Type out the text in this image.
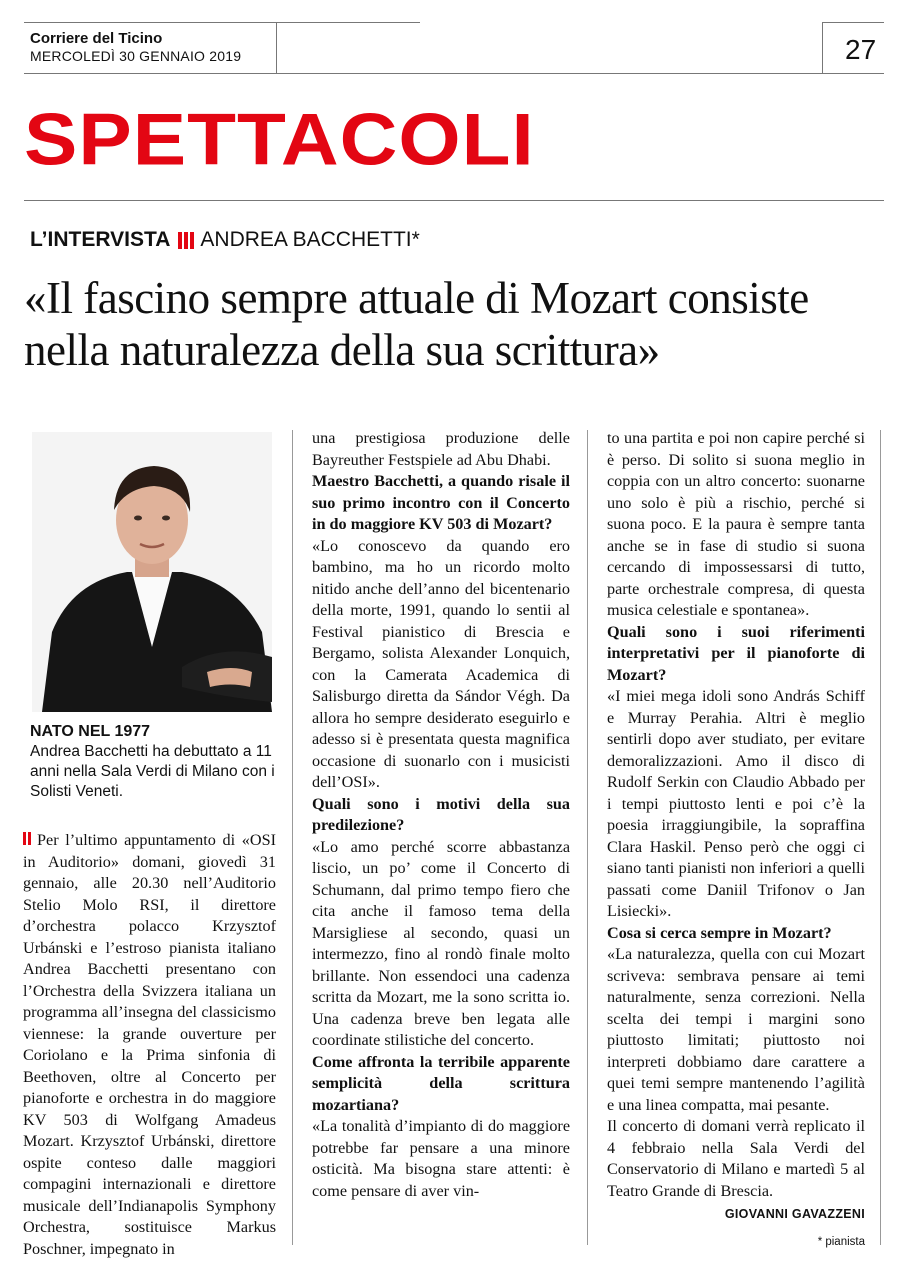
Corriere del Ticino
MERCOLEDÌ 30 GENNAIO 2019	27
SPETTACOLI
L’INTERVISTA ANDREA BACCHETTI*
«Il fascino sempre attuale di Mozart consiste nella naturalezza della sua scrittura»
NATO NEL 1977
Andrea Bacchetti ha debuttato a 11 anni nella Sala Verdi di Milano con i Solisti Veneti.

Per l’ultimo appuntamento di «OSI in Auditorio» domani, giovedì 31 gennaio, alle 20.30 nell’Auditorio Stelio Molo RSI, il direttore d’orchestra polacco Krzysztof Urbánski e l’estroso pianista italiano Andrea Bacchetti presentano con l’Orchestra della Svizzera italiana un programma all’insegna del classicismo viennese: la grande ouverture per Coriolano e la Prima sinfonia di Beethoven, oltre al Concerto per pianoforte e orchestra in do maggiore KV 503 di Wolfgang Amadeus Mozart. Krzysztof Urbánski, direttore ospite conteso dalle maggiori compagini internazionali e direttore musicale dell’Indianapolis Symphony Orchestra, sostituisce Markus Poschner, impegnato in

una prestigiosa produzione delle Bayreuther Festspiele ad Abu Dhabi.

Maestro Bacchetti, a quando risale il suo primo incontro con il Concerto in do maggiore KV 503 di Mozart?

«Lo conoscevo da quando ero bambino, ma ho un ricordo molto nitido anche dell’anno del bicentenario della morte, 1991, quando lo sentii al Festival pianistico di Brescia e Bergamo, solista Alexander Lonquich, con la Camerata Academica di Salisburgo diretta da Sándor Végh. Da allora ho sempre desiderato eseguirlo e adesso si è presentata questa magnifica occasione di suonarlo con i musicisti dell’OSI».

Quali sono i motivi della sua predilezione?

«Lo amo perché scorre abbastanza liscio, un po’ come il Concerto di Schumann, dal primo tempo fiero che cita anche il famoso tema della Marsigliese al secondo, quasi un intermezzo, fino al rondò finale molto brillante. Non essendoci una cadenza scritta da Mozart, me la sono scritta io. Una cadenza breve ben legata alle coordinate stilistiche del concerto.

Come affronta la terribile apparente semplicità della scrittura mozartiana?

«La tonalità d’impianto di do maggiore potrebbe far pensare a una minore osticità. Ma bisogna stare attenti: è come pensare di aver vin-

to una partita e poi non capire perché si è perso. Di solito si suona meglio in coppia con un altro concerto: suonarne uno solo è più a rischio, perché si suona poco. E la paura è sempre tanta anche se in fase di studio si suona cercando di impossessarsi di tutto, parte orchestrale compresa, di questa musica celestiale e spontanea».

Quali sono i suoi riferimenti interpretativi per il pianoforte di Mozart?

«I miei mega idoli sono András Schiff e Murray Perahia. Altri è meglio sentirli dopo aver studiato, per evitare demoralizzazioni. Amo il disco di Rudolf Serkin con Claudio Abbado per i tempi piuttosto lenti e poi c’è la poesia irraggiungibile, la sopraffina Clara Haskil. Penso però che oggi ci siano tanti pianisti non inferiori a quelli passati come Daniil Trifonov o Jan Lisiecki».

Cosa si cerca sempre in Mozart?

«La naturalezza, quella con cui Mozart scriveva: sembrava pensare ai temi naturalmente, senza correzioni. Nella scelta dei tempi i margini sono piuttosto limitati; piuttosto noi interpreti dobbiamo dare carattere a quei temi sempre mantenendo l’agilità e una linea compatta, mai pesante.

Il concerto di domani verrà replicato il 4 febbraio nella Sala Verdi del Conservatorio di Milano e martedì 5 al Teatro Grande di Brescia.

GIOVANNI GAVAZZENI
* pianista
